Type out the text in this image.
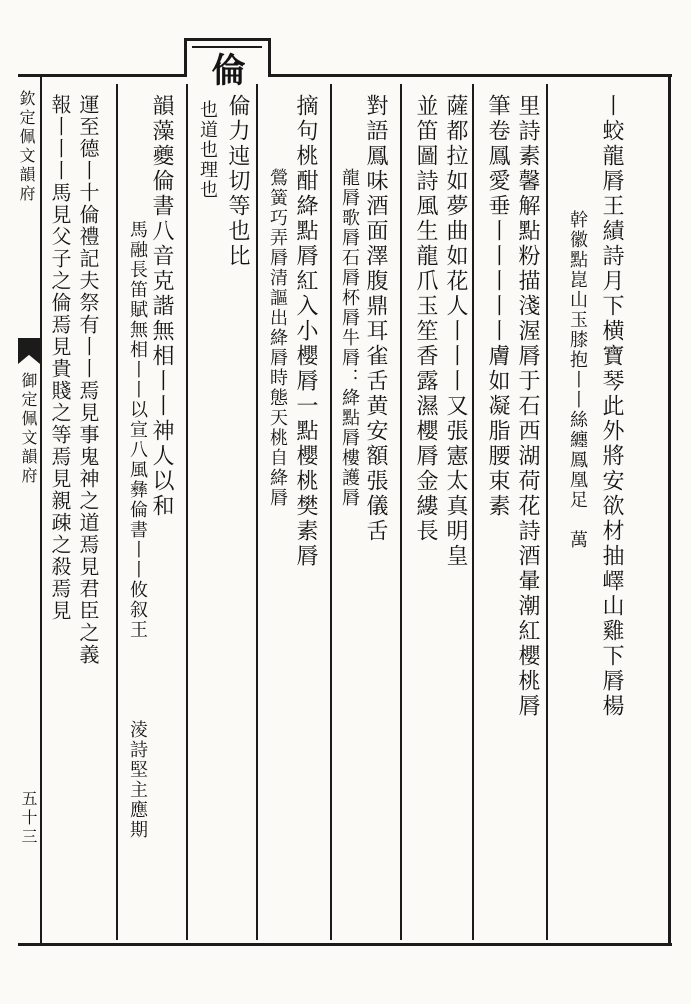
欽定佩文韻府
御定佩文韻府
五十三
倫
丨蛟龍脣王績詩月下横寶琴此外將安欲材抽嶧山雞下脣楊
幹徽點崑山玉膝抱丨丨絲纏鳳凰足　萬
里詩素馨解點粉描淺渥脣于石西湖荷花詩酒暈潮紅櫻桃脣
筆卷鳳愛垂丨丨丨丨丨膚如凝脂腰束素
薩都拉如夢曲如花人丨丨丨又張憲太真明皇
並笛圖詩風生龍爪玉笙香露濕櫻脣金縷長
對語鳳味酒面澤腹鼎耳雀舌黄安額張儀舌
龍脣歌脣石脣杯脣牛脣：絳點脣樓護脣
摘句桃酣絳點脣紅入小櫻脣一點櫻桃樊素脣
鶯簧巧弄脣清謳出絳脣時態天桃自絳脣
倫力迍切等也比
也道也理也
韻藻夔倫書八音克諧無相丨丨神人以和
馬融長笛賦無相丨丨以宣八風彝倫書丨丨攸叙王
淩詩堅主應期
運至德丨十倫禮記夫祭有丨丨焉見事鬼神之道焉見君臣之義
報丨丨丨馬見父子之倫焉見貴賤之等焉見親疎之殺焉見
